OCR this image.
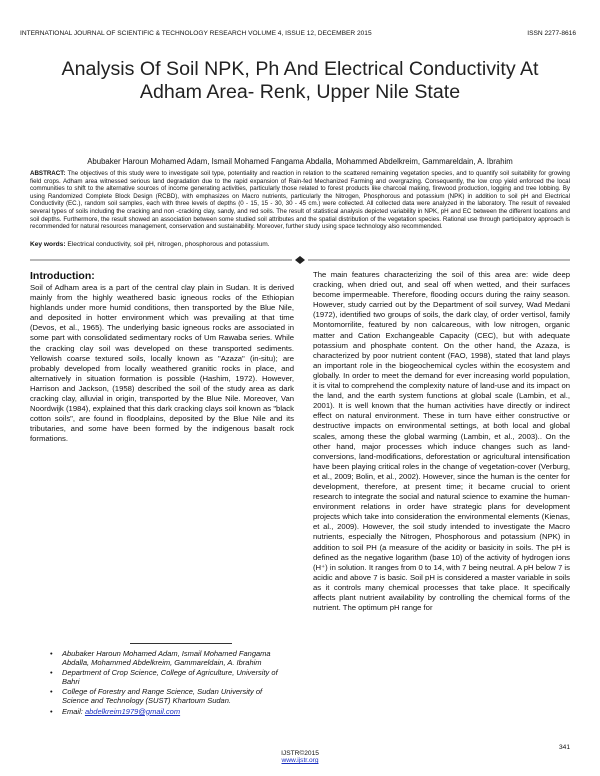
INTERNATIONAL JOURNAL OF SCIENTIFIC & TECHNOLOGY RESEARCH VOLUME 4, ISSUE 12, DECEMBER 2015	ISSN 2277-8616
Analysis Of Soil NPK, Ph And Electrical Conductivity At Adham Area- Renk, Upper Nile State
Abubaker Haroun Mohamed Adam, Ismail Mohamed Fangama Abdalla, Mohammed Abdelkreim, Gammareldain, A. Ibrahim
ABSTRACT: The objectives of this study were to investigate soil type, potentiality and reaction in relation to the scattered remaining vegetation species, and to quantify soil suitability for growing field crops. Adham area witnessed serious land degradation due to the rapid expansion of Rain-fed Mechanized Farming and overgrazing. Consequently, the low crop yield enforced the local communities to shift to the alternative sources of income generating activities, particularly those related to forest products like charcoal making, firewood production, logging and tree lobbing. By using Randomized Complete Block Design (RCBD), with emphasizes on Macro nutrients, particularly the Nitrogen, Phosphorous and potassium (NPK) in addition to soil pH and Electrical Conductivity (EC.), random soil samples, each with three levels of depths (0 - 15, 15 - 30, 30 - 45 cm.) were collected. All collected data were analyzed in the laboratory. The result of revealed several types of soils including the cracking and non -cracking clay, sandy, and red soils. The result of statistical analysis depicted variability in NPK, pH and EC between the different locations and soil depths. Furthermore, the result showed an association between some studied soil attributes and the spatial distribution of the vegetation species. Rational use through participatory approach is recommended for natural resources management, conservation and sustainability. Moreover, further study using space technology also recommended.
Key words: Electrical conductivity, soil pH, nitrogen, phosphorous and potassium.
Introduction:

Soil of Adham area is a part of the central clay plain in Sudan. It is derived mainly from the highly weathered basic igneous rocks of the Ethiopian highlands under more humid conditions, then transported by the Blue Nile, and deposited in hotter environment which was prevailing at that time (Devos, et al., 1965). The underlying basic igneous rocks are associated in some part with consolidated sedimentary rocks of Um Rawaba series. While the cracking clay soil was developed on these transported sediments. Yellowish coarse textured soils, locally known as "Azaza" (in-situ); are probably developed from locally weathered granitic rocks in place, and alternatively in situation formation is possible (Hashim, 1972). However, Harrison and Jackson, (1958) described the soil of the study area as dark cracking clay, alluvial in origin, transported by the Blue Nile. Moreover, Van Noordwijk (1984), explained that this dark cracking clays soil known as "black cotton soils", are found in floodplains, deposited by the Blue Nile and its tributaries, and some have been formed by the indigenous basalt rock formations.

The main features characterizing the soil of this area are: wide deep cracking, when dried out, and seal off when wetted, and their surfaces become impermeable. Therefore, flooding occurs during the rainy season. However, study carried out by the Department of soil survey, Wad Medani (1972), identified two groups of soils, the dark clay, of order vertisol, family Montomorrilite, featured by non calcareous, with low nitrogen, organic matter and Cation Exchangeable Capacity (CEC), but with adequate potassium and phosphate content. On the other hand, the Azaza, is characterized by poor nutrient content (FAO, 1998), stated that land plays an important role in the biogeochemical cycles within the ecosystem and globally. In order to meet the demand for ever increasing world population, it is vital to comprehend the complexity nature of land-use and its impact on the land, and the earth system functions at global scale (Lambin, et al., 2001). It is well known that the human activities have directly or indirect effect on natural environment. These in turn have either constructive or destructive impacts on environmental settings, at both local and global scales, among these the global warming (Lambin, et al., 2003).. On the other hand, major processes which induce changes such as land-conversions, land-modifications, deforestation or agricultural intensification have been playing critical roles in the change of vegetation-cover (Verburg, et al., 2009; Bolin, et al., 2002). However, since the human is the center for development, therefore, at present time; it became crucial to orient research to integrate the social and natural science to examine the human-environment relations in order have strategic plans for development projects which take into consideration the environmental elements (Kienas, et al., 2009). However, the soil study intended to investigate the Macro nutrients, especially the Nitrogen, Phosphorous and potassium (NPK) in addition to soil PH (a measure of the acidity or basicity in soils. The pH is defined as the negative logarithm (base 10) of the activity of hydrogen ions (H⁺) in solution. It ranges from 0 to 14, with 7 being neutral. A pH below 7 is acidic and above 7 is basic. Soil pH is considered a master variable in soils as it controls many chemical processes that take place. It specifically affects plant nutrient availability by controlling the chemical forms of the nutrient. The optimum pH range for

• Abubaker Haroun Mohamed Adam, Ismail Mohamed Fangama Abdalla, Mohammed Abdelkreim, Gammareldain, A. Ibrahim
• Department of Crop Science, College of Agriculture, University of Bahri
• College of Forestry and Range Science, Sudan University of Science and Technology (SUST) Khartoum Sudan.
• Email: abdelkreim1979@gmail.com
341
IJSTR©2015
www.ijstr.org
